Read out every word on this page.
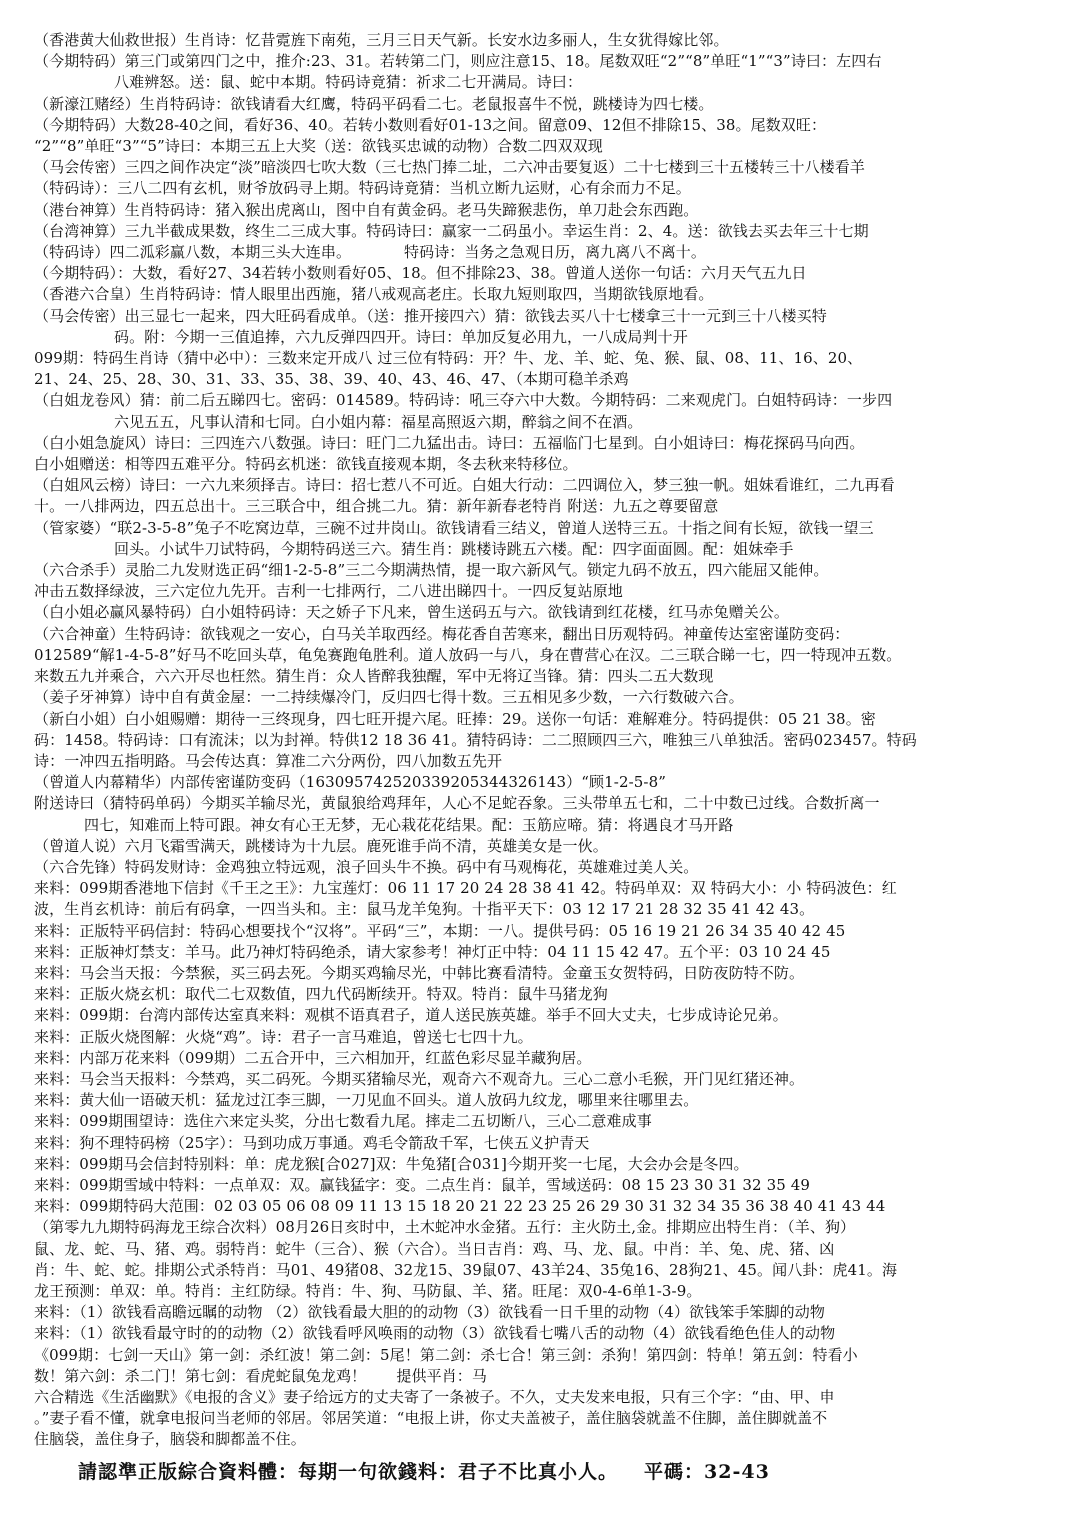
（香港黄大仙救世报）生肖诗：忆昔霓旌下南苑，三月三日天气新。长安水边多丽人，生女犹得嫁比邻。
（今期特码）第三门或第四门之中，推介:23、31。若转第二门，则应注意15、18。尾数双旺“2”“8”单旺“1”“3”诗曰：左四右
八难辨怒。送：鼠、蛇中本期。特码诗竟猜：祈求二七开满局。诗曰：
（新濠江赌经）生肖特码诗：欲钱请看大红鹰，特码平码看二七。老鼠报喜牛不悦，跳楼诗为四七楼。
（今期特码）大数28-40之间，看好36、40。若转小数则看好01-13之间。留意09、12但不排除15、38。尾数双旺：
“2”“8”单旺“3”“5”诗曰：本期三五上大奖（送：欲钱买忠诚的动物）合数二四双双现
（马会传密）三四之间作决定“淡”暗淡四七吹大数（三七热门捧二址，二六冲击要复返）二十七楼到三十五楼转三十八楼看羊
（特码诗）：三八二四有玄机，财爷放码寻上期。特码诗竟猜：当机立断九运财，心有余而力不足。
（港台神算）生肖特码诗：猪入猴出虎离山，图中自有黄金码。老马失蹄猴悲伤，单刀赴会东西跑。
（台湾神算）三九半截成果数，终生二三成大事。特码诗曰：赢家一二码虽小。幸运生肖：2、4。送：欲钱去买去年三十七期
（特码诗）四二泒彩赢八数，本期三头大连串。　　　　特码诗：当务之急观日历，离九离八不离十。
（今期特码）：大数，看好27、34若转小数则看好05、18。但不排除23、38。曾道人送你一句话：六月天气五九日
（香港六合皇）生肖特码诗：情人眼里出西施，猪八戒观高老庄。长取九短则取四，当期欲钱原地看。
（马会传密）出三显七一起来，四大旺码看成单。（送：推开接四六）猜：欲钱去买八十七楼拿三十一元到三十八楼买特
码。附：今期一三值追捧，六九反弹四四开。诗曰：单加反复必用九，一八成局判十开
099期：特码生肖诗（猜中必中）：三数来定开成八 过三位有特码：开？牛、龙、羊、蛇、兔、猴、鼠、08、11、16、20、
21、24、25、28、30、31、33、35、38、39、40、43、46、47、（本期可稳羊杀鸡
（白姐龙卷风）猜：前二后五睇四七。密码：014589。特码诗：吼三夺六中大数。今期特码：二来观虎门。白姐特码诗：一步四
六见五五，凡事认清和七同。白小姐内幕：福星高照返六期，醉翁之间不在酒。
（白小姐急旋风）诗曰：三四连六八数强。诗曰：旺门二九猛出击。诗曰：五福临门七星到。白小姐诗曰：梅花探码马向西。
白小姐赠送：相等四五难平分。特码玄机迷：欲钱直接观本期，冬去秋来特移位。
（白姐风云榜）诗曰：一六九来须择吉。诗曰：招七惹八不可近。白姐大行动：二四调位入，梦三独一帆。姐妹看谁红，二九再看
十。一八排两边，四五总出十。三三联合中，组合挑二九。猜：新年新春老特肖 附送：九五之尊要留意
（管家婆）“联2-3-5-8”兔子不吃窝边草，三碗不过井岗山。欲钱请看三结义，曾道人送特三五。十指之间有长短，欲钱一望三
回头。小试牛刀试特码，今期特码送三六。猜生肖：跳楼诗跳五六楼。配：四字面面圆。配：姐妹牵手
（六合杀手）灵胎二九发财选正码“细1-2-5-8”三二今期满热情，提一取六新风气。锁定九码不放五，四六能屈又能伸。
冲击五数择绿波，三六定位九先开。吉利一七排两行，二八进出睇四十。一四反复站原地
（白小姐必赢风暴特码）白小姐特码诗：天之娇子下凡来，曾生送码五与六。欲钱请到红花楼，红马赤兔赠关公。
（六合神童）生特码诗：欲钱观之一安心，白马关羊取西经。梅花香自苦寒来，翻出日历观特码。神童传达室密谨防变码：
012589“解1-4-5-8”好马不吃回头草，龟兔赛跑龟胜利。道人放码一与八，身在曹营心在汉。二三联合睇一七，四一特现冲五数。
来数五九并乘合，六六开尽也枉然。猜生肖：众人皆醉我独醒，军中无将辽当锋。猜：四头二五大数现
（姜子牙神算）诗中自有黄金屋：一二持续爆冷门，反归四七得十数。三五相见多少数，一六行数破六合。
（新白小姐）白小姐赐赠：期待一三终现身，四七旺开提六尾。旺捧：29。送你一句话：难解难分。特码提供：05 21 38。密
码：1458。特码诗：口有流沫；以为封禅。特供12 18 36 41。猜特码诗：二二照顾四三六，唯独三八单独活。密码023457。特码
诗：一冲四五指明路。马会传达真：算准二六分两份，四八加数五先开
（曾道人内幕精华）内部传密谨防变码（163095742520339205344326143）“顾1-2-5-8”
附送诗曰（猜特码单码）今期买羊输尽光，黄鼠狼给鸡拜年，人心不足蛇吞象。三头带单五七和，二十中数已过线。合数折离一
四七，知难而上特可跟。神女有心王无梦，无心栽花花结果。配：玉筋应啼。猜：将遇良才马开路
（曾道人说）六月飞霜雪满天，跳楼诗为十九层。鹿死谁手尚不清，英雄美女是一伙。
（六合先锋）特码发财诗：金鸡独立特远观，浪子回头牛不换。码中有马观梅花，英雄难过美人关。
来料：099期香港地下信封《千王之王》：九宝莲灯：06 11 17 20 24 28 38 41 42。特码单双：双 特码大小：小 特码波色：红
波，生肖玄机诗：前后有码拿，一四当头和。主：鼠马龙羊兔狗。十指平天下：03 12 17 21 28 32 35 41 42 43。
来料：正版特平码信封：特码心想要找个“汉将”。平码“三”，本期：一八。提供号码：05 16 19 21 26 34 35 40 42 45
来料：正版神灯禁支：羊马。此乃神灯特码绝杀，请大家参考！神灯正中特：04 11 15 42 47。五个平：03 10 24 45
来料：马会当天报：今禁猴，买三码去死。今期买鸡输尽光，中韩比赛看清特。金童玉女贺特码，日防夜防特不防。
来料：正版火烧玄机：取代二七双数值，四九代码断续开。特双。特肖：鼠牛马猪龙狗
来料：099期：台湾内部传达室真来料：观棋不语真君子，道人送民族英雄。举手不回大丈夫，七步成诗论兄弟。
来料：正版火烧图解：火烧“鸡”。诗：君子一言马难追，曾送七七四十九。
来料：内部万花来料（099期）二五合开中，三六相加开，红蓝色彩尽显羊藏狗居。
来料：马会当天报料：今禁鸡，买二码死。今期买猪输尽光，观奇六不观奇九。三心二意小毛猴，开门见红猪还神。
来料：黄大仙一语破天机：猛龙过江李三脚，一刀见血不回头。道人放码九纹龙，哪里来往哪里去。
来料：099期围望诗：选住六来定头奖，分出七数看九尾。摔走二五切断八，三心二意难成事
来料：狗不理特码榜（25字）：马到功成万事通。鸡毛令箭敌千军，七侠五义护青天
来料：099期马会信封特别料：单：虎龙猴[合027]双：牛兔猪[合031]今期开奖一七尾，大会办会是冬四。
来料：099期雪域中特料：一点单双：双。赢钱猛字：变。二点生肖：鼠羊，雪域送码：08 15 23 30 31 32 35 49
来料：099期特码大范围：02 03 05 06 08 09 11 13 15 18 20 21 22 23 25 26 29 30 31 32 34 35 36 38 40 41 43 44
（第零九九期特码海龙王综合次料）08月26日亥时中，土木蛇冲水金猪。五行：主火防土,金。排期应出特生肖：（羊、狗）
鼠、龙、蛇、马、猪、鸡。弱特肖：蛇牛（三合）、猴（六合）。当日吉肖：鸡、马、龙、鼠。中肖：羊、兔、虎、猪、凶
肖：牛、蛇、蛇。排期公式杀特肖：马01、49猪08、32龙15、39鼠07、43羊24、35兔16、28狗21、45。闻八卦：虎41。海
龙王预测：单双：单。特肖：主红防绿。特肖：牛、狗、马防鼠、羊、猪。旺尾：双0-4-6单1-3-9。
来料：（1）欲钱看高瞻远瞩的动物 （2）欲钱看最大胆的的动物（3）欲钱看一日千里的动物（4）欲钱笨手笨脚的动物
来料：（1）欲钱看最守时的的动物（2）欲钱看呼风唤雨的动物（3）欲钱看七嘴八舌的动物（4）欲钱看绝色佳人的动物
《099期：七剑一天山》第一剑：杀红波！第二剑：5尾！第二剑：杀七合！第三剑：杀狗！第四剑：特单！第五剑：特看小
数！第六剑：杀二门！第七剑：看虎蛇鼠兔龙鸡！　　提供平肖：马
六合精选《生活幽默》《电报的含义》妻子给远方的丈夫寄了一条被子。不久，丈夫发来电报，只有三个字：“由、甲、申
。”妻子看不懂，就拿电报问当老师的邻居。邻居笑道：“电报上讲，你丈夫盖被子，盖住脑袋就盖不住脚，盖住脚就盖不
住脑袋，盖住身子，脑袋和脚都盖不住。
請認準正版綜合資料體：每期一句欲錢料：君子不比真小人。 平碼：32-43
